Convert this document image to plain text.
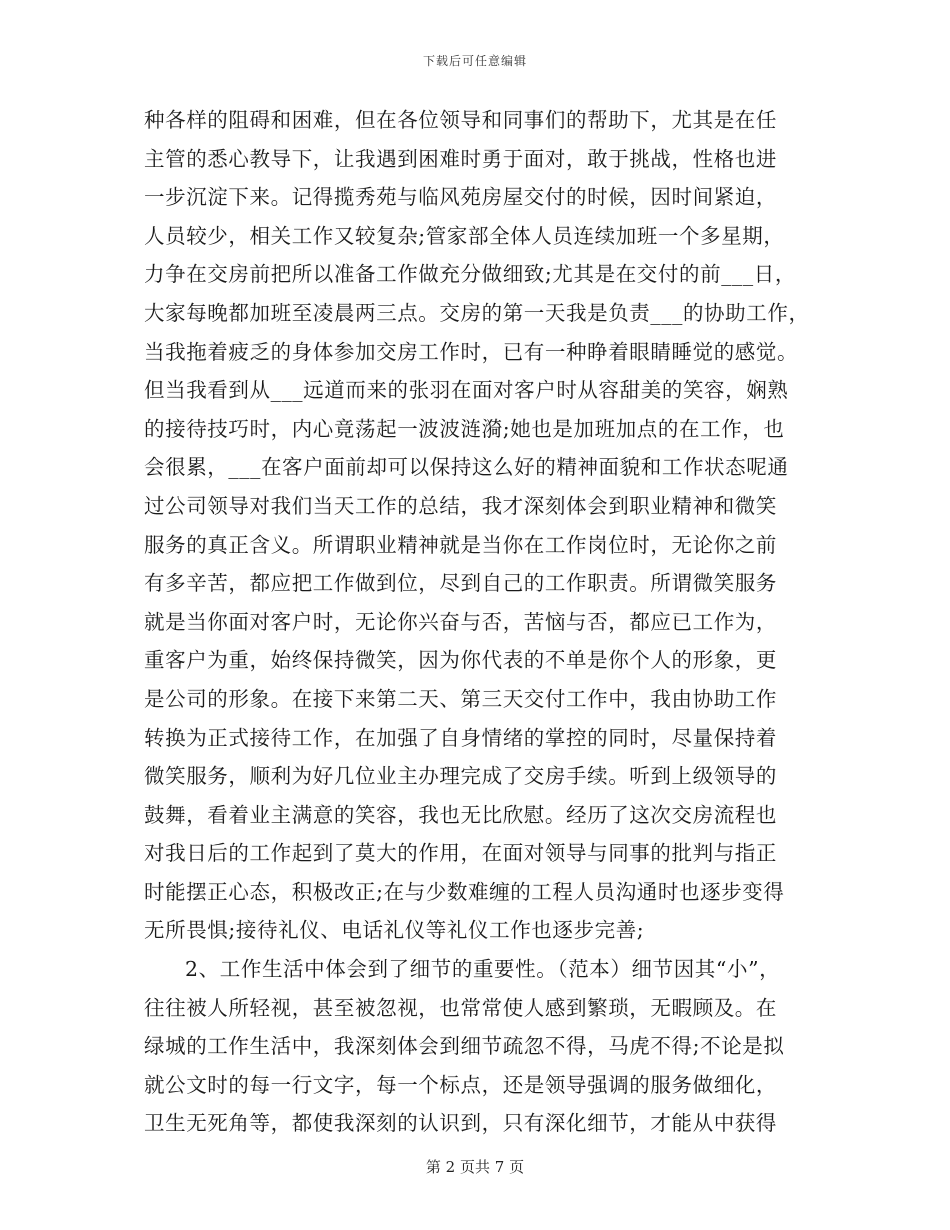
下载后可任意编辑
种各样的阻碍和困难，但在各位领导和同事们的帮助下，尤其是在任
主管的悉心教导下，让我遇到困难时勇于面对，敢于挑战，性格也进
一步沉淀下来。记得揽秀苑与临风苑房屋交付的时候，因时间紧迫，
人员较少，相关工作又较复杂;管家部全体人员连续加班一个多星期，
力争在交房前把所以准备工作做充分做细致;尤其是在交付的前___日，
大家每晚都加班至凌晨两三点。交房的第一天我是负责___的协助工作，
当我拖着疲乏的身体参加交房工作时，已有一种睁着眼睛睡觉的感觉。
但当我看到从___远道而来的张羽在面对客户时从容甜美的笑容，娴熟
的接待技巧时，内心竟荡起一波波涟漪;她也是加班加点的在工作，也
会很累，___在客户面前却可以保持这么好的精神面貌和工作状态呢通
过公司领导对我们当天工作的总结，我才深刻体会到职业精神和微笑
服务的真正含义。所谓职业精神就是当你在工作岗位时，无论你之前
有多辛苦，都应把工作做到位，尽到自己的工作职责。所谓微笑服务
就是当你面对客户时，无论你兴奋与否，苦恼与否，都应已工作为，
重客户为重，始终保持微笑，因为你代表的不单是你个人的形象，更
是公司的形象。在接下来第二天、第三天交付工作中，我由协助工作
转换为正式接待工作，在加强了自身情绪的掌控的同时，尽量保持着
微笑服务，顺利为好几位业主办理完成了交房手续。听到上级领导的
鼓舞，看着业主满意的笑容，我也无比欣慰。经历了这次交房流程也
对我日后的工作起到了莫大的作用，在面对领导与同事的批判与指正
时能摆正心态，积极改正;在与少数难缠的工程人员沟通时也逐步变得
无所畏惧;接待礼仪、电话礼仪等礼仪工作也逐步完善;
2、工作生活中体会到了细节的重要性。（范本）细节因其“小”，
往往被人所轻视，甚至被忽视，也常常使人感到繁琐，无暇顾及。在
绿城的工作生活中，我深刻体会到细节疏忽不得，马虎不得;不论是拟
就公文时的每一行文字，每一个标点，还是领导强调的服务做细化，
卫生无死角等，都使我深刻的认识到，只有深化细节，才能从中获得
第 2 页共 7 页
